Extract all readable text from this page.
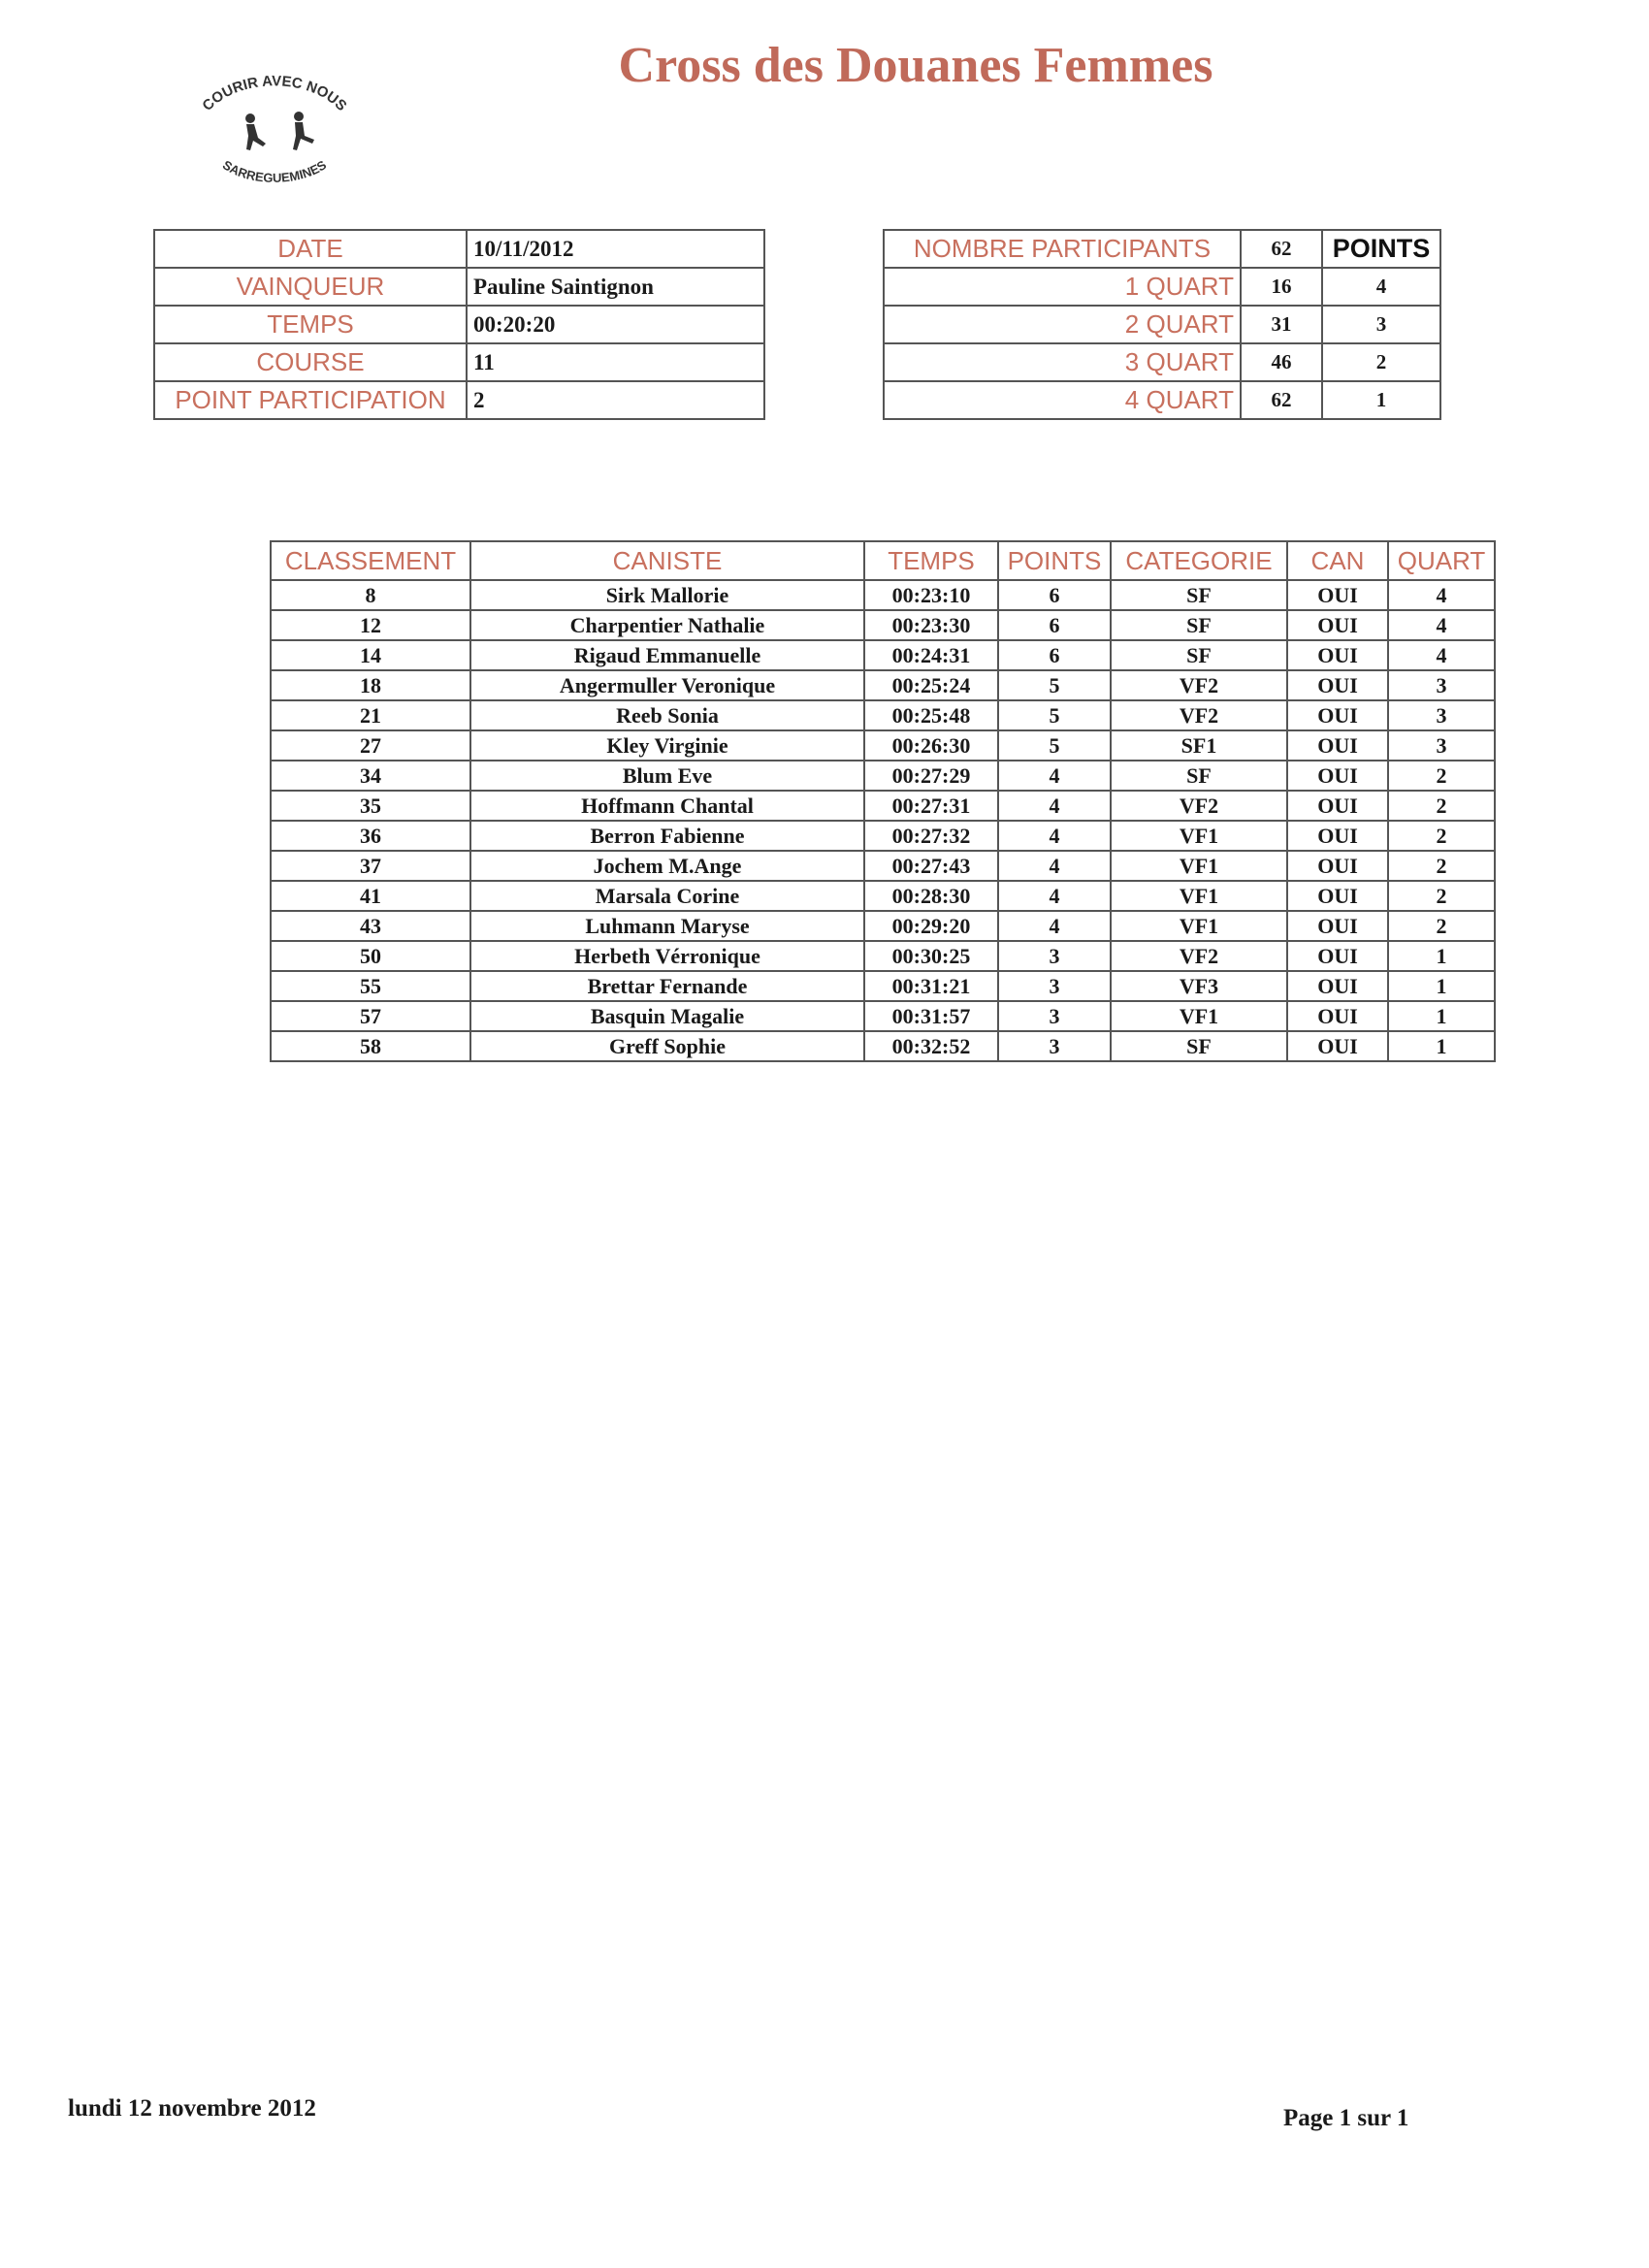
COURIR AVEC NOUS
SARREGUEMINES
Cross des Douanes Femmes
DATE	10/11/2012
VAINQUEUR	Pauline Saintignon
TEMPS	00:20:20
COURSE	11
POINT PARTICIPATION	2
NOMBRE PARTICIPANTS	62	POINTS
1 QUART	16	4
2 QUART	31	3
3 QUART	46	2
4 QUART	62	1
CLASSEMENT	CANISTE	TEMPS	POINTS	CATEGORIE	CAN	QUART
8	Sirk Mallorie	00:23:10	6	SF	OUI	4
12	Charpentier Nathalie	00:23:30	6	SF	OUI	4
14	Rigaud Emmanuelle	00:24:31	6	SF	OUI	4
18	Angermuller Veronique	00:25:24	5	VF2	OUI	3
21	Reeb Sonia	00:25:48	5	VF2	OUI	3
27	Kley Virginie	00:26:30	5	SF1	OUI	3
34	Blum Eve	00:27:29	4	SF	OUI	2
35	Hoffmann Chantal	00:27:31	4	VF2	OUI	2
36	Berron Fabienne	00:27:32	4	VF1	OUI	2
37	Jochem M.Ange	00:27:43	4	VF1	OUI	2
41	Marsala Corine	00:28:30	4	VF1	OUI	2
43	Luhmann Maryse	00:29:20	4	VF1	OUI	2
50	Herbeth Vérronique	00:30:25	3	VF2	OUI	1
55	Brettar Fernande	00:31:21	3	VF3	OUI	1
57	Basquin Magalie	00:31:57	3	VF1	OUI	1
58	Greff Sophie	00:32:52	3	SF	OUI	1
lundi 12 novembre 2012	Page 1 sur 1
